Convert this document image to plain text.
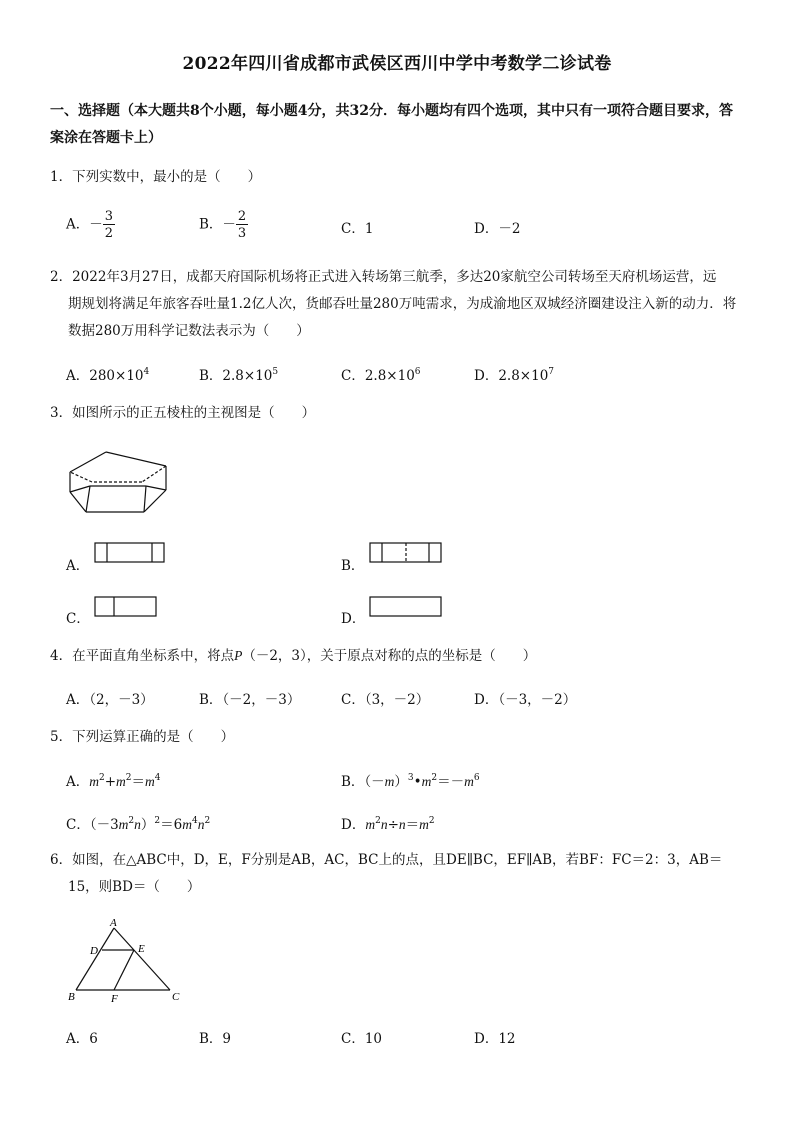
2022年四川省成都市武侯区西川中学中考数学二诊试卷
一、选择题（本大题共8个小题，每小题4分，共32分．每小题均有四个选项，其中只有一项符合题目要求，答
案涂在答题卡上）
1．下列实数中，最小的是（　　）
A．－ $\frac{3}{2}$	B．－ $\frac{2}{3}$	C．1	D．－2
2．2022年3月27日，成都天府国际机场将正式进入转场第三航季，多达20家航空公司转场至天府机场运营，远
期规划将满足年旅客吞吐量1.2亿人次，货邮吞吐量280万吨需求，为成渝地区双城经济圈建设注入新的动力．将
数据280万用科学记数法表示为（　　）
A．$280\times 10^4$	B．$2.8\times 10^5$	C．$2.8\times 10^6$	D．$2.8\times 10^7$
3．如图所示的正五棱柱的主视图是（　　）
A．	B．
C．	D．
4．在平面直角坐标系中，将点P（－2，3），关于原点对称的点的坐标是（　　）
A．（2，－3）	B．（－2，－3）	C．（3，－2）	D．（－3，－2）
5．下列运算正确的是（　　）
A．$m^2+m^2=m^4$	B．$(-m)^3•m^2=-m^6$
C．$(-3m^2n)^2=6m^4n^2$	D．$m^2n\div n=m^2$
6．如图，在△ABC中，D，E，F分别是AB，AC，BC上的点，且DE∥BC，EF∥AB，若BF：FC＝2：3，AB＝
15，则BD＝（　　）
A
D	E
B	F	C
A．6	B．9	C．10	D．12
